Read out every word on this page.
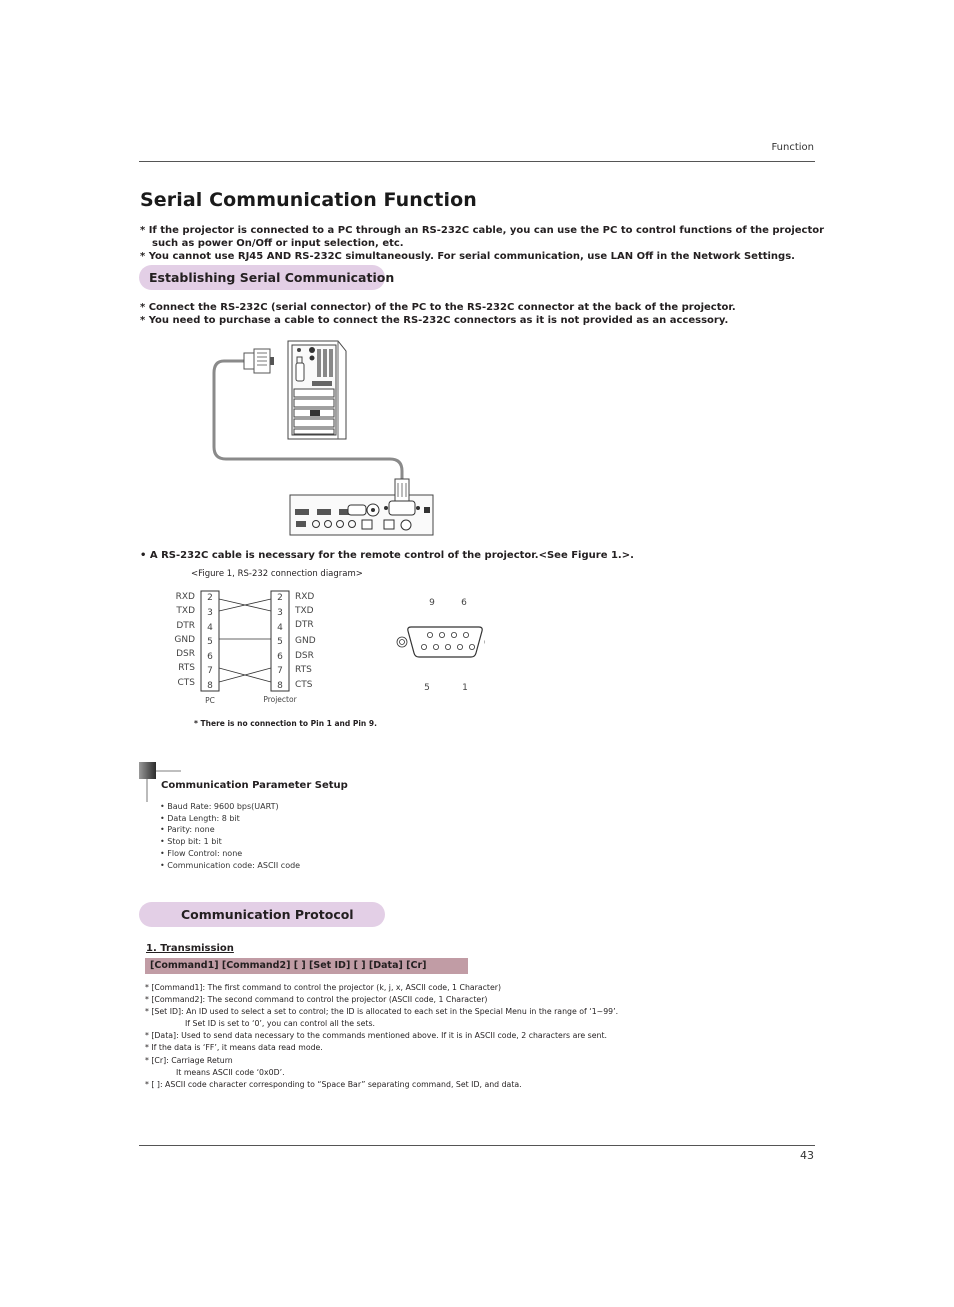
Function
Serial Communication Function
* If the projector is connected to a PC through an RS-232C cable, you can use the PC to control functions of the projector
such as power On/Off or input selection, etc.
* You cannot use RJ45 AND RS-232C simultaneously. For serial communication, use LAN Off in the Network Settings.
Establishing Serial Communication
* Connect the RS-232C (serial connector) of the PC to the RS-232C connector at the back of the projector.
* You need to purchase a cable to connect the RS-232C connectors as it is not provided as an accessory.
• A RS-232C cable is necessary for the remote control of the projector.<See Figure 1.>.
<Figure 1, RS-232 connection diagram>
RXD
TXD
DTR
GND
DSR
RTS
CTS
2
3
4
5
6
7
8
2
3
4
5
6
7
8
RXD
TXD
DTR
GND
DSR
RTS
CTS
PC	Projector
9	6
5	1
* There is no connection to Pin 1 and Pin 9.
Communication Parameter Setup
• Baud Rate: 9600 bps(UART)
• Data Length: 8 bit
• Parity: none
• Stop bit: 1 bit
• Flow Control: none
• Communication code: ASCII code
Communication Protocol
1. Transmission
[Command1] [Command2] [ ] [Set ID] [ ] [Data] [Cr]
* [Command1]: The first command to control the projector (k, j, x, ASCII code, 1 Character)
* [Command2]: The second command to control the projector (ASCII code, 1 Character)
* [Set ID]: An ID used to select a set to control; the ID is allocated to each set in the Special Menu in the range of ‘1~99’.
If Set ID is set to ‘0’, you can control all the sets.
* [Data]: Used to send data necessary to the commands mentioned above. If it is in ASCII code, 2 characters are sent.
* If the data is ‘FF’, it means data read mode.
* [Cr]: Carriage Return
It means ASCII code ‘0x0D’.
* [ ]: ASCII code character corresponding to “Space Bar” separating command, Set ID, and data.
43
